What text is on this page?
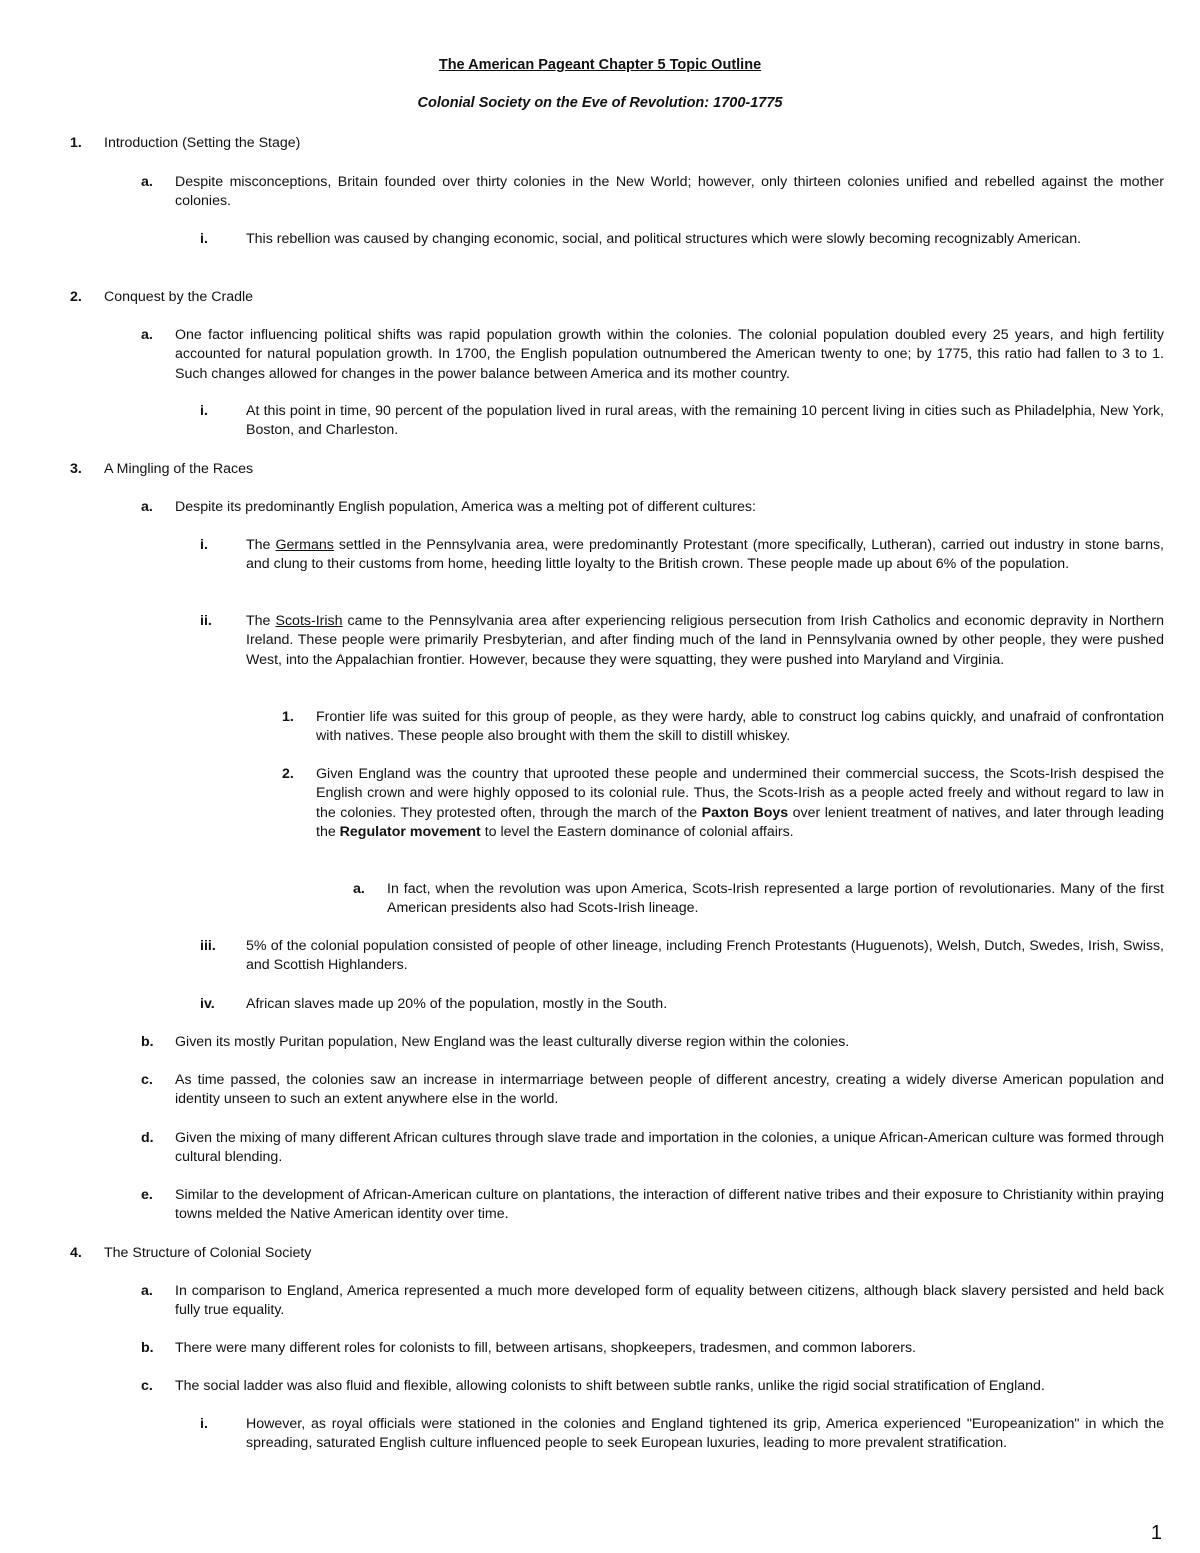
The American Pageant Chapter 5 Topic Outline
Colonial Society on the Eve of Revolution: 1700-1775
1. Introduction (Setting the Stage)
a. Despite misconceptions, Britain founded over thirty colonies in the New World; however, only thirteen colonies unified and rebelled against the mother colonies.
i.	This rebellion was caused by changing economic, social, and political structures which were slowly becoming recognizably American.
2. Conquest by the Cradle
a. One factor influencing political shifts was rapid population growth within the colonies. The colonial population doubled every 25 years, and high fertility accounted for natural population growth. In 1700, the English population outnumbered the American twenty to one; by 1775, this ratio had fallen to 3 to 1. Such changes allowed for changes in the power balance between America and its mother country.
i.	At this point in time, 90 percent of the population lived in rural areas, with the remaining 10 percent living in cities such as Philadelphia, New York, Boston, and Charleston.
3. A Mingling of the Races
a. Despite its predominantly English population, America was a melting pot of different cultures:
i.	The Germans settled in the Pennsylvania area, were predominantly Protestant (more specifically, Lutheran), carried out industry in stone barns, and clung to their customs from home, heeding little loyalty to the British crown. These people made up about 6% of the population.
ii. The Scots-Irish came to the Pennsylvania area after experiencing religious persecution from Irish Catholics and economic depravity in Northern Ireland. These people were primarily Presbyterian, and after finding much of the land in Pennsylvania owned by other people, they were pushed West, into the Appalachian frontier. However, because they were squatting, they were pushed into Maryland and Virginia.
1. Frontier life was suited for this group of people, as they were hardy, able to construct log cabins quickly, and unafraid of confrontation with natives. These people also brought with them the skill to distill whiskey.
2. Given England was the country that uprooted these people and undermined their commercial success, the Scots-Irish despised the English crown and were highly opposed to its colonial rule. Thus, the Scots-Irish as a people acted freely and without regard to law in the colonies. They protested often, through the march of the Paxton Boys over lenient treatment of natives, and later through leading the Regulator movement to level the Eastern dominance of colonial affairs.
a. In fact, when the revolution was upon America, Scots-Irish represented a large portion of revolutionaries. Many of the first American presidents also had Scots-Irish lineage.
iii. 5% of the colonial population consisted of people of other lineage, including French Protestants (Huguenots), Welsh, Dutch, Swedes, Irish, Swiss, and Scottish Highlanders.
iv. African slaves made up 20% of the population, mostly in the South.
b. Given its mostly Puritan population, New England was the least culturally diverse region within the colonies.
c. As time passed, the colonies saw an increase in intermarriage between people of different ancestry, creating a widely diverse American population and identity unseen to such an extent anywhere else in the world.
d. Given the mixing of many different African cultures through slave trade and importation in the colonies, a unique African-American culture was formed through cultural blending.
e. Similar to the development of African-American culture on plantations, the interaction of different native tribes and their exposure to Christianity within praying towns melded the Native American identity over time.
4. The Structure of Colonial Society
a. In comparison to England, America represented a much more developed form of equality between citizens, although black slavery persisted and held back fully true equality.
b. There were many different roles for colonists to fill, between artisans, shopkeepers, tradesmen, and common laborers.
c. The social ladder was also fluid and flexible, allowing colonists to shift between subtle ranks, unlike the rigid social stratification of England.
i.	However, as royal officials were stationed in the colonies and England tightened its grip, America experienced "Europeanization" in which the spreading, saturated English culture influenced people to seek European luxuries, leading to more prevalent stratification.
1
